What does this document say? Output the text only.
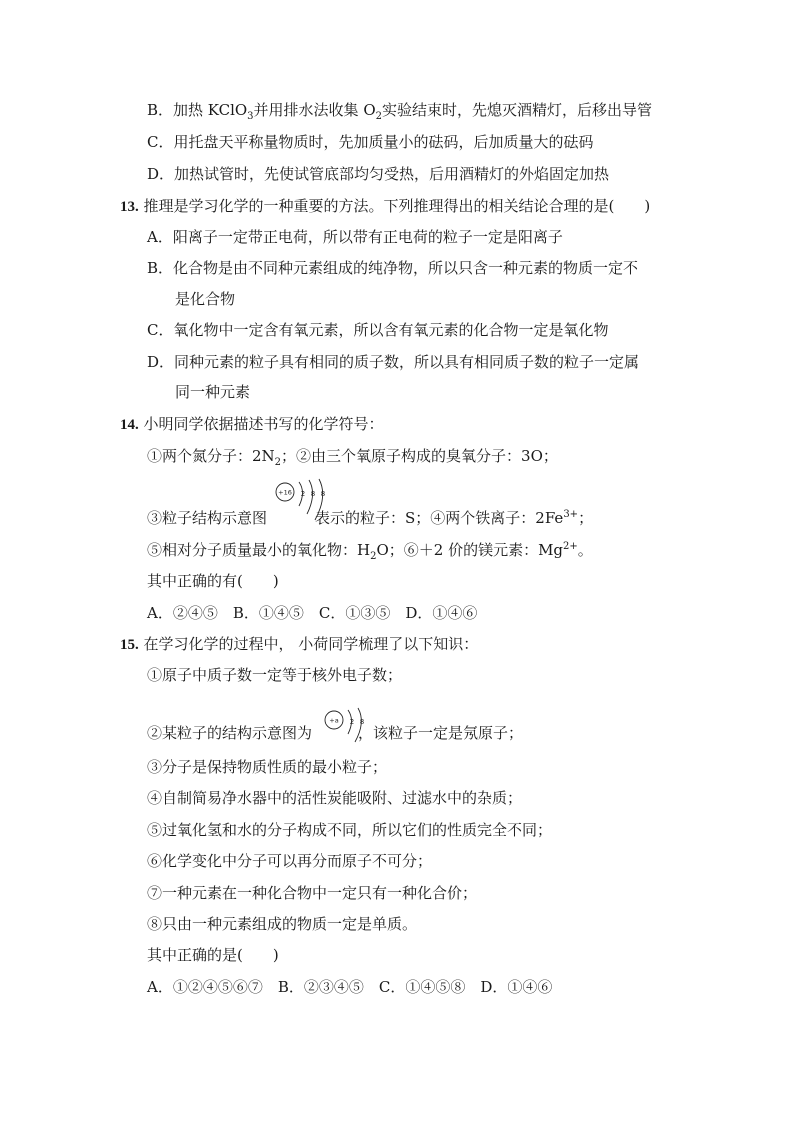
B．加热 KClO$_3$并用排水法收集 $O_2$实验结束时，先熄灭酒精灯，后移出导管
C．用托盘天平称量物质时，先加质量小的砝码，后加质量大的砝码
D．加热试管时，先使试管底部均匀受热，后用酒精灯的外焰固定加热
13. 推理是学习化学的一种重要的方法。下列推理得出的相关结论合理的是(　　)
A．阳离子一定带正电荷，所以带有正电荷的粒子一定是阳离子
B．化合物是由不同种元素组成的纯净物，所以只含一种元素的物质一定不
是化合物
C．氧化物中一定含有氧元素，所以含有氧元素的化合物一定是氧化物
D．同种元素的粒子具有相同的质子数，所以具有相同质子数的粒子一定属
同一种元素
14. 小明同学依据描述书写的化学符号：
①两个氮分子：$2N_2$；②由三个氧原子构成的臭氧分子：3O；
+16 2 8 8
③粒子结构示意图	表示的粒子：S；④两个铁离子：$2Fe^{3+}$；
⑤相对分子质量最小的氧化物：$H_2O$；⑥＋2 价的镁元素：$Mg^{2+}$。
其中正确的有(　　)
A．②④⑤　B．①④⑤　C．①③⑤　D．①④⑥
15. 在学习化学的过程中， 小荷同学梳理了以下知识：
①原子中质子数一定等于核外电子数；
+a 2 8
②某粒子的结构示意图为	，该粒子一定是氖原子；
③分子是保持物质性质的最小粒子；
④自制简易净水器中的活性炭能吸附、过滤水中的杂质；
⑤过氧化氢和水的分子构成不同，所以它们的性质完全不同；
⑥化学变化中分子可以再分而原子不可分；
⑦一种元素在一种化合物中一定只有一种化合价；
⑧只由一种元素组成的物质一定是单质。
其中正确的是(　　)
A．①②④⑤⑥⑦　B．②③④⑤　C．①④⑤⑧　D．①④⑥
